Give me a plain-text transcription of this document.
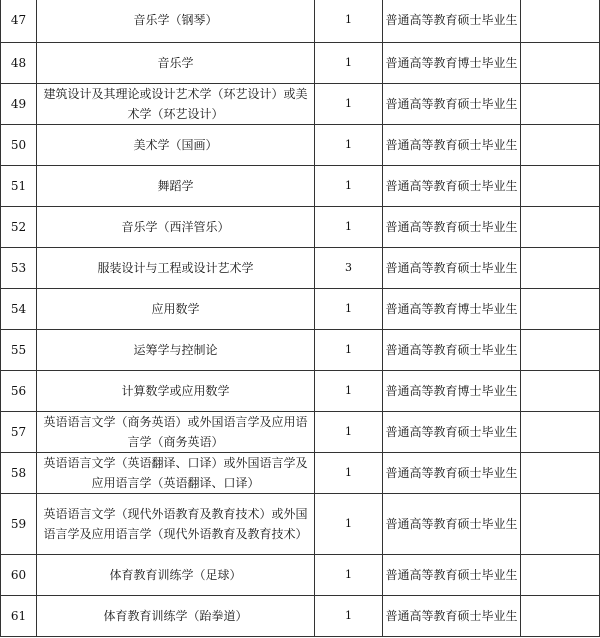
47	音乐学（钢琴）	1	普通高等教育硕士毕业生	
48	音乐学	1	普通高等教育博士毕业生	
49	建筑设计及其理论或设计艺术学（环艺设计）或美术学（环艺设计）	1	普通高等教育硕士毕业生	
50	美术学（国画）	1	普通高等教育硕士毕业生	
51	舞蹈学	1	普通高等教育硕士毕业生	
52	音乐学（西洋管乐）	1	普通高等教育硕士毕业生	
53	服装设计与工程或设计艺术学	3	普通高等教育硕士毕业生	
54	应用数学	1	普通高等教育博士毕业生	
55	运筹学与控制论	1	普通高等教育硕士毕业生	
56	计算数学或应用数学	1	普通高等教育博士毕业生	
57	英语语言文学（商务英语）或外国语言学及应用语言学（商务英语）	1	普通高等教育硕士毕业生	
58	英语语言文学（英语翻译、口译）或外国语言学及应用语言学（英语翻译、口译）	1	普通高等教育硕士毕业生	
59	英语语言文学（现代外语教育及教育技术）或外国语言学及应用语言学（现代外语教育及教育技术）	1	普通高等教育硕士毕业生	
60	体育教育训练学（足球）	1	普通高等教育硕士毕业生	
61	体育教育训练学（跆拳道）	1	普通高等教育硕士毕业生	
